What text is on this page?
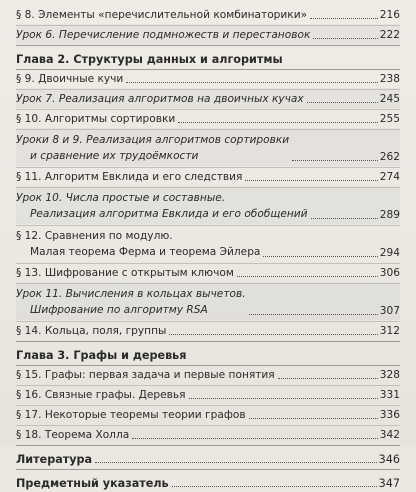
§ 8. Элементы «перечислительной комбинаторики»	216
Урок 6. Перечисление подмножеств и перестановок	222
Глава 2. Структуры данных и алгоритмы
§ 9. Двоичные кучи	238
Урок 7. Реализация алгоритмов на двоичных кучах	245
§ 10. Алгоритмы сортировки	255
Уроки 8 и 9. Реализация алгоритмов сортировки
и сравнение их трудоёмкости	262
§ 11. Алгоритм Евклида и его следствия	274
Урок 10. Числа простые и составные.
Реализация алгоритма Евклида и его обобщений	289
§ 12. Сравнения по модулю.
Малая теорема Ферма и теорема Эйлера	294
§ 13. Шифрование с открытым ключом	306
Урок 11. Вычисления в кольцах вычетов.
Шифрование по алгоритму RSA	307
§ 14. Кольца, поля, группы	312
Глава 3. Графы и деревья
§ 15. Графы: первая задача и первые понятия	328
§ 16. Связные графы. Деревья	331
§ 17. Некоторые теоремы теории графов	336
§ 18. Теорема Холла	342
Литература	346
Предметный указатель	347
